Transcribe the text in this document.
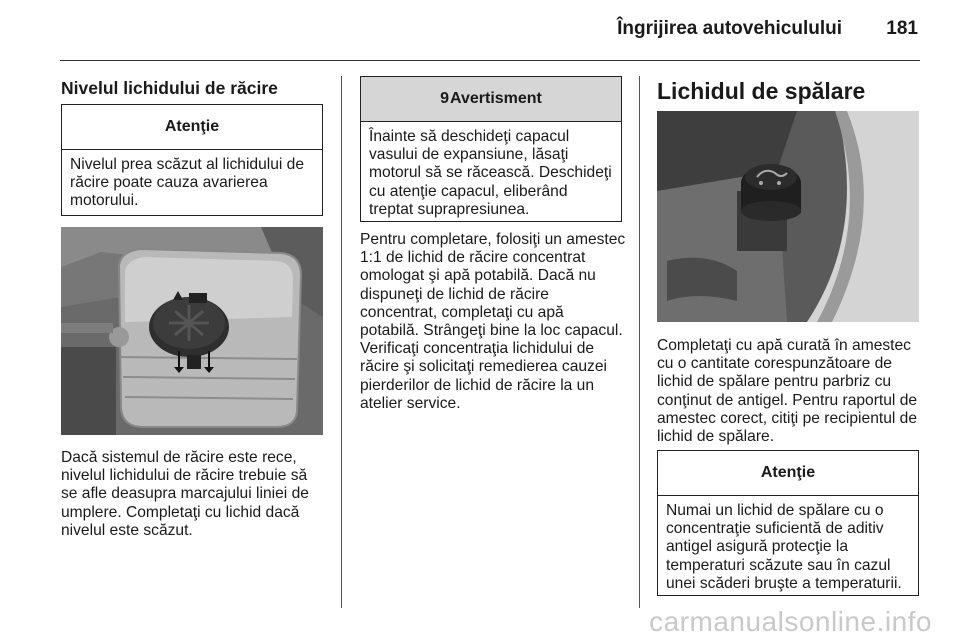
Îngrijirea autovehiculului 181
Nivelul lichidului de răcire
Atenţie
Nivelul prea scăzut al lichidului de răcire poate cauza avarierea motorului.
Dacă sistemul de răcire este rece, nivelul lichidului de răcire trebuie să se afle deasupra marcajului liniei de umplere. Completaţi cu lichid dacă nivelul este scăzut.
9 Avertisment
Înainte să deschideţi capacul vasului de expansiune, lăsaţi motorul să se răcească. Deschideţi cu atenţie capacul, eliberând treptat suprapresiunea.
Pentru completare, folosiţi un amestec 1:1 de lichid de răcire concentrat omologat şi apă potabilă. Dacă nu dispuneţi de lichid de răcire concentrat, completaţi cu apă potabilă. Strângeţi bine la loc capacul. Verificaţi concentraţia lichidului de răcire şi solicitaţi remedierea cauzei pierderilor de lichid de răcire la un atelier service.
Lichidul de spălare
Completaţi cu apă curată în amestec cu o cantitate corespunzătoare de lichid de spălare pentru parbriz cu conţinut de antigel. Pentru raportul de amestec corect, citiţi pe recipientul de lichid de spălare.
Atenţie
Numai un lichid de spălare cu o concentraţie suficientă de aditiv antigel asigură protecţie la temperaturi scăzute sau în cazul unei scăderi bruşte a temperaturii.
carmanualsonline.info
